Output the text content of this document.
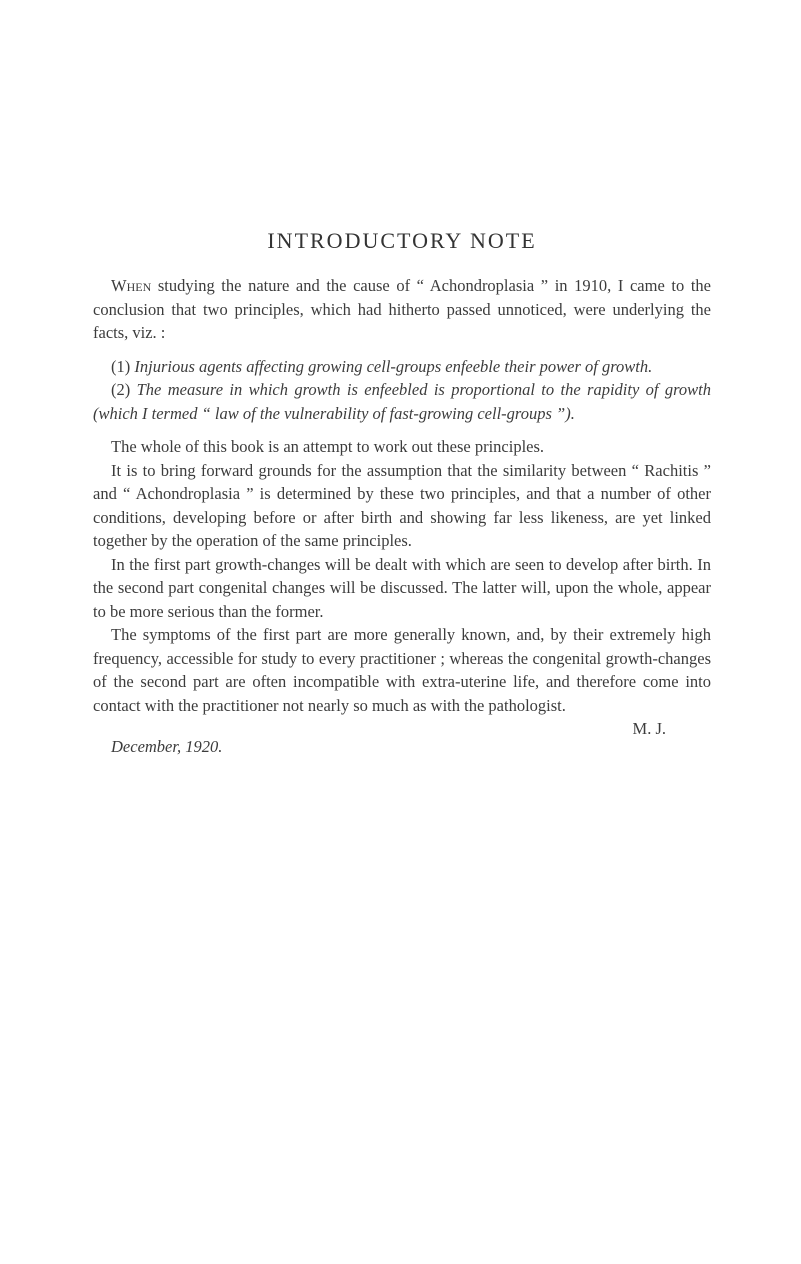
INTRODUCTORY NOTE

When studying the nature and the cause of “ Achondroplasia ” in 1910, I came to the conclusion that two principles, which had hitherto passed unnoticed, were underlying the facts, viz. :

(1) Injurious agents affecting growing cell-groups enfeeble their power of growth.

(2) The measure in which growth is enfeebled is proportional to the rapidity of growth (which I termed “ law of the vulnerability of fast-growing cell-groups ”).

The whole of this book is an attempt to work out these principles.

It is to bring forward grounds for the assumption that the similarity between “ Rachitis ” and “ Achondroplasia ” is determined by these two principles, and that a number of other conditions, developing before or after birth and showing far less likeness, are yet linked together by the operation of the same principles.

In the first part growth-changes will be dealt with which are seen to develop after birth. In the second part congenital changes will be discussed. The latter will, upon the whole, appear to be more serious than the former.

The symptoms of the first part are more generally known, and, by their extremely high frequency, accessible for study to every practitioner ; whereas the congenital growth-changes of the second part are often incompatible with extra-uterine life, and therefore come into contact with the practitioner not nearly so much as with the pathologist.

M. J.
December, 1920.
